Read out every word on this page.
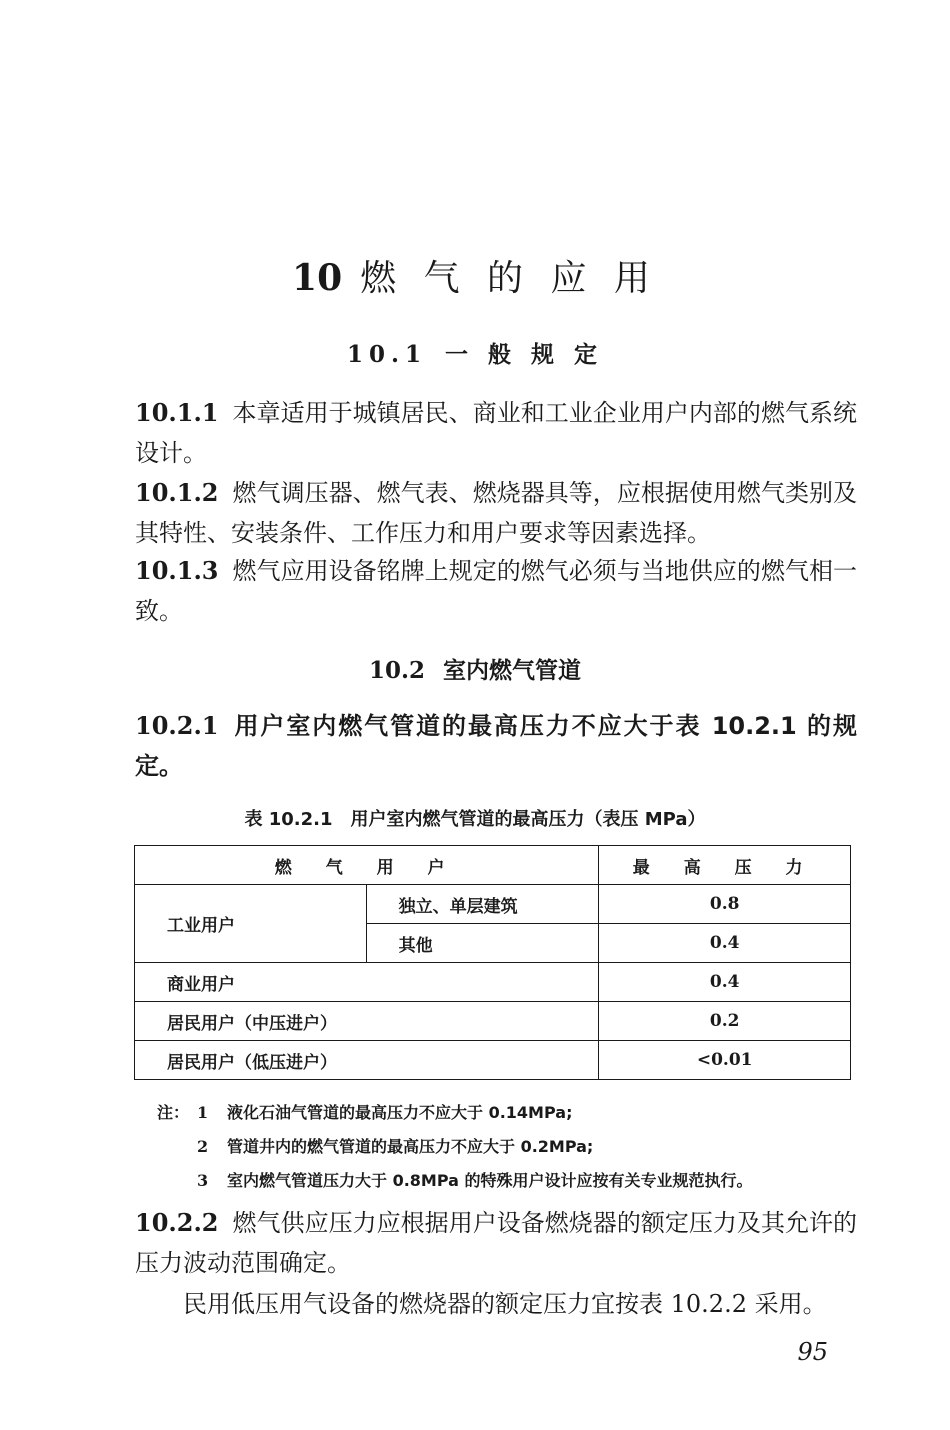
10 燃 气 的 应 用
10.1 一 般 规 定
10.1.1 本章适用于城镇居民、商业和工业企业用户内部的燃气系统设计。
10.1.2 燃气调压器、燃气表、燃烧器具等，应根据使用燃气类别及其特性、安装条件、工作压力和用户要求等因素选择。
10.1.3 燃气应用设备铭牌上规定的燃气必须与当地供应的燃气相一致。
10.2 室内燃气管道
10.2.1 用户室内燃气管道的最高压力不应大于表 10.2.1 的规定。
表 10.2.1　用户室内燃气管道的最高压力（表压 MPa）
燃 气 用 户		最 高 压 力
工业用户	独立、单层建筑	0.8
	其他	0.4
商业用户		0.4
居民用户（中压进户）		0.2
居民用户（低压进户）		<0.01
注： 1	液化石油气管道的最高压力不应大于 0.14MPa;
2	管道井内的燃气管道的最高压力不应大于 0.2MPa;
3	室内燃气管道压力大于 0.8MPa 的特殊用户设计应按有关专业规范执行。
10.2.2 燃气供应压力应根据用户设备燃烧器的额定压力及其允许的压力波动范围确定。
民用低压用气设备的燃烧器的额定压力宜按表 10.2.2 采用。
95
